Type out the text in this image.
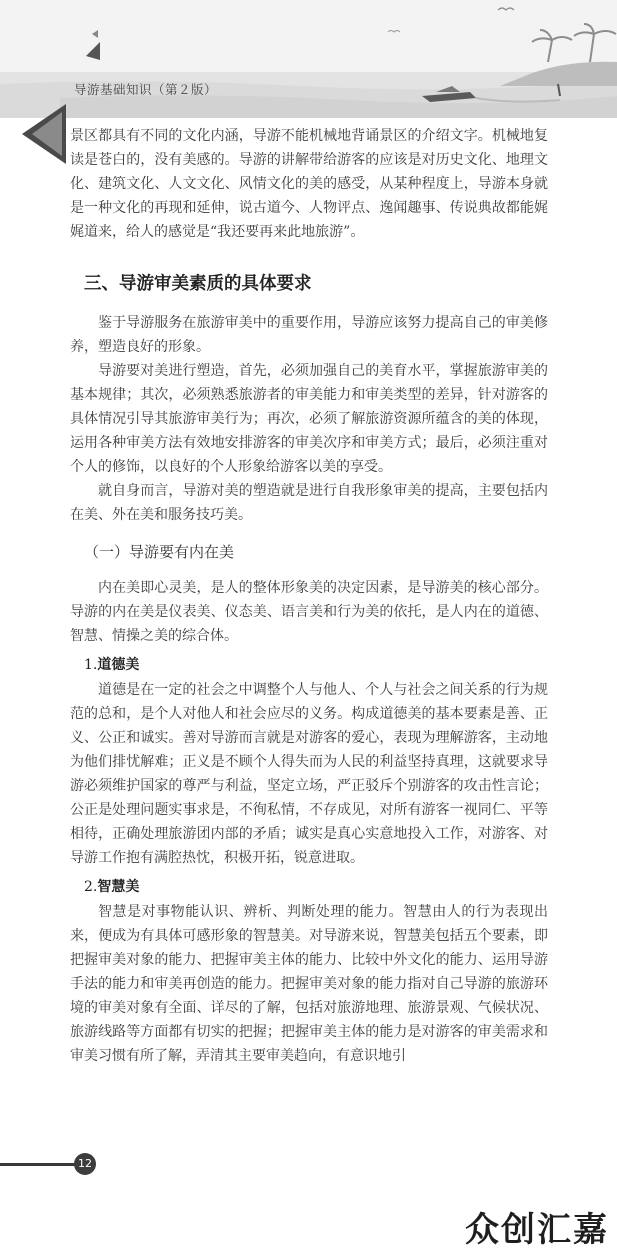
导游基础知识（第２版）

景区都具有不同的文化内涵，导游不能机械地背诵景区的介绍文字。机械地复读是苍白的，没有美感的。导游的讲解带给游客的应该是对历史文化、地理文化、建筑文化、人文文化、风情文化的美的感受，从某种程度上，导游本身就是一种文化的再现和延伸，说古道今、人物评点、逸闻趣事、传说典故都能娓娓道来，给人的感觉是“我还要再来此地旅游”。

三、导游审美素质的具体要求

鉴于导游服务在旅游审美中的重要作用，导游应该努力提高自己的审美修养，塑造良好的形象。

导游要对美进行塑造，首先，必须加强自己的美育水平，掌握旅游审美的基本规律；其次，必须熟悉旅游者的审美能力和审美类型的差异，针对游客的具体情况引导其旅游审美行为；再次，必须了解旅游资源所蕴含的美的体现，运用各种审美方法有效地安排游客的审美次序和审美方式；最后，必须注重对个人的修饰，以良好的个人形象给游客以美的享受。

就自身而言，导游对美的塑造就是进行自我形象审美的提高，主要包括内在美、外在美和服务技巧美。

（一）导游要有内在美

内在美即心灵美，是人的整体形象美的决定因素，是导游美的核心部分。导游的内在美是仪表美、仪态美、语言美和行为美的依托，是人内在的道德、智慧、情操之美的综合体。

1.道德美

道德是在一定的社会之中调整个人与他人、个人与社会之间关系的行为规范的总和，是个人对他人和社会应尽的义务。构成道德美的基本要素是善、正义、公正和诚实。善对导游而言就是对游客的爱心，表现为理解游客，主动地为他们排忧解难；正义是不顾个人得失而为人民的利益坚持真理，这就要求导游必须维护国家的尊严与利益，坚定立场，严正驳斥个别游客的攻击性言论；公正是处理问题实事求是，不徇私情，不存成见，对所有游客一视同仁、平等相待，正确处理旅游团内部的矛盾；诚实是真心实意地投入工作，对游客、对导游工作抱有满腔热忱，积极开拓，锐意进取。

2.智慧美

智慧是对事物能认识、辨析、判断处理的能力。智慧由人的行为表现出来，便成为有具体可感形象的智慧美。对导游来说，智慧美包括五个要素，即把握审美对象的能力、把握审美主体的能力、比较中外文化的能力、运用导游手法的能力和审美再创造的能力。把握审美对象的能力指对自己导游的旅游环境的审美对象有全面、详尽的了解，包括对旅游地理、旅游景观、气候状况、旅游线路等方面都有切实的把握；把握审美主体的能力是对游客的审美需求和审美习惯有所了解，弄清其主要审美趋向，有意识地引

12
众创汇嘉
